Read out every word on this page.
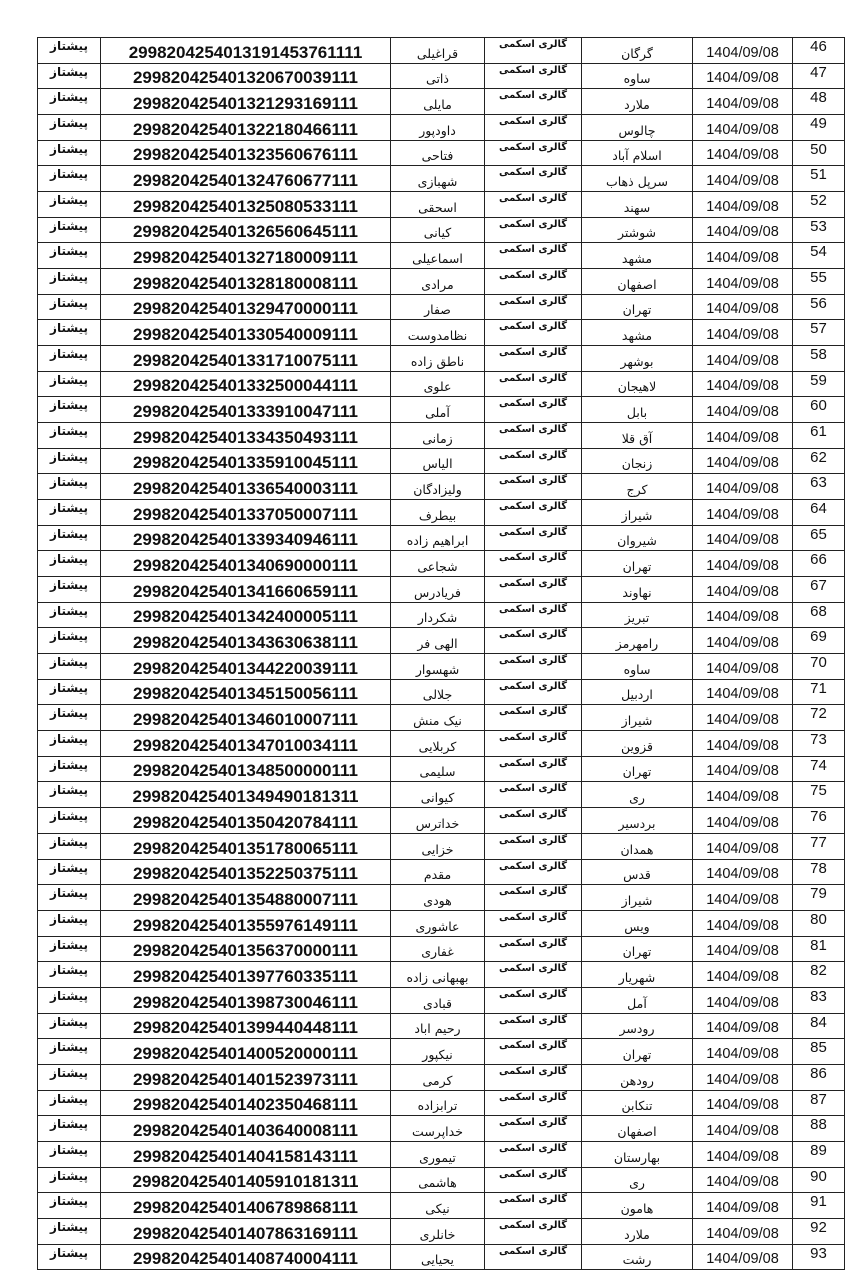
پیشتاز	2998204254013191453761111	قراغیلی	گالری اسکمی	گرگان	1404/09/08	46
پیشتاز	299820425401320670039111	ذاتی	گالری اسکمی	ساوه	1404/09/08	47
پیشتاز	299820425401321293169111	مایلی	گالری اسکمی	ملارد	1404/09/08	48
پیشتاز	299820425401322180466111	داودپور	گالری اسکمی	چالوس	1404/09/08	49
پیشتاز	299820425401323560676111	فتاحی	گالری اسکمی	اسلام آباد	1404/09/08	50
پیشتاز	299820425401324760677111	شهبازی	گالری اسکمی	سرپل ذهاب	1404/09/08	51
پیشتاز	299820425401325080533111	اسحقی	گالری اسکمی	سهند	1404/09/08	52
پیشتاز	299820425401326560645111	کیانی	گالری اسکمی	شوشتر	1404/09/08	53
پیشتاز	299820425401327180009111	اسماعیلی	گالری اسکمی	مشهد	1404/09/08	54
پیشتاز	299820425401328180008111	مرادی	گالری اسکمی	اصفهان	1404/09/08	55
پیشتاز	299820425401329470000111	صفار	گالری اسکمی	تهران	1404/09/08	56
پیشتاز	299820425401330540009111	نظامدوست	گالری اسکمی	مشهد	1404/09/08	57
پیشتاز	299820425401331710075111	ناطق زاده	گالری اسکمی	بوشهر	1404/09/08	58
پیشتاز	299820425401332500044111	علوی	گالری اسکمی	لاهیجان	1404/09/08	59
پیشتاز	299820425401333910047111	آملی	گالری اسکمی	بابل	1404/09/08	60
پیشتاز	299820425401334350493111	زمانی	گالری اسکمی	آق قلا	1404/09/08	61
پیشتاز	299820425401335910045111	الیاس	گالری اسکمی	زنجان	1404/09/08	62
پیشتاز	299820425401336540003111	ولیزادگان	گالری اسکمی	کرج	1404/09/08	63
پیشتاز	299820425401337050007111	بیطرف	گالری اسکمی	شیراز	1404/09/08	64
پیشتاز	299820425401339340946111	ابراهیم زاده	گالری اسکمی	شیروان	1404/09/08	65
پیشتاز	299820425401340690000111	شجاعی	گالری اسکمی	تهران	1404/09/08	66
پیشتاز	299820425401341660659111	فریادرس	گالری اسکمی	نهاوند	1404/09/08	67
پیشتاز	299820425401342400005111	شکردار	گالری اسکمی	تبریز	1404/09/08	68
پیشتاز	299820425401343630638111	الهی فر	گالری اسکمی	رامهرمز	1404/09/08	69
پیشتاز	299820425401344220039111	شهسوار	گالری اسکمی	ساوه	1404/09/08	70
پیشتاز	299820425401345150056111	جلالی	گالری اسکمی	اردبیل	1404/09/08	71
پیشتاز	299820425401346010007111	نیک منش	گالری اسکمی	شیراز	1404/09/08	72
پیشتاز	299820425401347010034111	کربلایی	گالری اسکمی	قزوین	1404/09/08	73
پیشتاز	299820425401348500000111	سلیمی	گالری اسکمی	تهران	1404/09/08	74
پیشتاز	299820425401349490181311	کیوانی	گالری اسکمی	ری	1404/09/08	75
پیشتاز	299820425401350420784111	خداترس	گالری اسکمی	بردسیر	1404/09/08	76
پیشتاز	299820425401351780065111	خزایی	گالری اسکمی	همدان	1404/09/08	77
پیشتاز	299820425401352250375111	مقدم	گالری اسکمی	قدس	1404/09/08	78
پیشتاز	299820425401354880007111	هودی	گالری اسکمی	شیراز	1404/09/08	79
پیشتاز	299820425401355976149111	عاشوری	گالری اسکمی	ویس	1404/09/08	80
پیشتاز	299820425401356370000111	غفاری	گالری اسکمی	تهران	1404/09/08	81
پیشتاز	299820425401397760335111	بهبهانی زاده	گالری اسکمی	شهریار	1404/09/08	82
پیشتاز	299820425401398730046111	قبادی	گالری اسکمی	آمل	1404/09/08	83
پیشتاز	299820425401399440448111	رحیم اباد	گالری اسکمی	رودسر	1404/09/08	84
پیشتاز	299820425401400520000111	نیکپور	گالری اسکمی	تهران	1404/09/08	85
پیشتاز	299820425401401523973111	کرمی	گالری اسکمی	رودهن	1404/09/08	86
پیشتاز	299820425401402350468111	ترابزاده	گالری اسکمی	تنکابن	1404/09/08	87
پیشتاز	299820425401403640008111	خداپرست	گالری اسکمی	اصفهان	1404/09/08	88
پیشتاز	299820425401404158143111	تیموری	گالری اسکمی	بهارستان	1404/09/08	89
پیشتاز	299820425401405910181311	هاشمی	گالری اسکمی	ری	1404/09/08	90
پیشتاز	299820425401406789868111	نیکی	گالری اسکمی	هامون	1404/09/08	91
پیشتاز	299820425401407863169111	خانلری	گالری اسکمی	ملارد	1404/09/08	92
پیشتاز	299820425401408740004111	یحیایی	گالری اسکمی	رشت	1404/09/08	93
